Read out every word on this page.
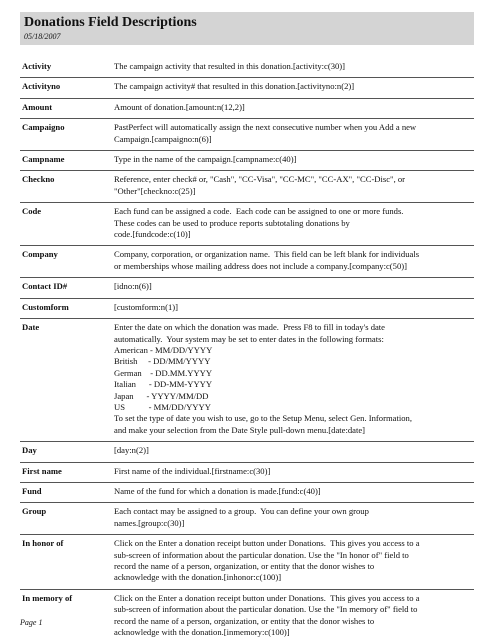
Donations Field Descriptions
05/18/2007
Activity	The campaign activity that resulted in this donation.[activity:c(30)]
Activityno	The campaign activity# that resulted in this donation.[activityno:n(2)]
Amount	Amount of donation.[amount:n(12,2)]
Campaigno	PastPerfect will automatically assign the next consecutive number when you Add a new
Campaign.[campaigno:n(6)]
Campname	Type in the name of the campaign.[campname:c(40)]
Checkno	Reference, enter check# or, "Cash", "CC-Visa", "CC-MC", "CC-AX", "CC-Disc", or
"Other"[checkno:c(25)]
Code	Each fund can be assigned a code.  Each code can be assigned to one or more funds.
These codes can be used to produce reports subtotaling donations by
code.[fundcode:c(10)]
Company	Company, corporation, or organization name.  This field can be left blank for individuals
or memberships whose mailing address does not include a company.[company:c(50)]
Contact ID#	[idno:n(6)]
Customform	[customform:n(1)]
Date	Enter the date on which the donation was made.  Press F8 to fill in today's date
automatically.  Your system may be set to enter dates in the following formats:
American - MM/DD/YYYY
British     - DD/MM/YYYY
German    - DD.MM.YYYY
Italian      - DD-MM-YYYY
Japan      - YYYY/MM/DD
US           - MM/DD/YYYY
To set the type of date you wish to use, go to the Setup Menu, select Gen. Information,
and make your selection from the Date Style pull-down menu.[date:date]
Day	[day:n(2)]
First name	First name of the individual.[firstname:c(30)]
Fund	Name of the fund for which a donation is made.[fund:c(40)]
Group	Each contact may be assigned to a group.  You can define your own group
names.[group:c(30)]
In honor of	Click on the Enter a donation receipt button under Donations.  This gives you access to a
sub-screen of information about the particular donation. Use the "In honor of" field to
record the name of a person, organization, or entity that the donor wishes to
acknowledge with the donation.[inhonor:c(100)]
In memory of	Click on the Enter a donation receipt button under Donations.  This gives you access to a
sub-screen of information about the particular donation. Use the "In memory of" field to
record the name of a person, organization, or entity that the donor wishes to
acknowledge with the donation.[inmemory:c(100)]
Page 1
